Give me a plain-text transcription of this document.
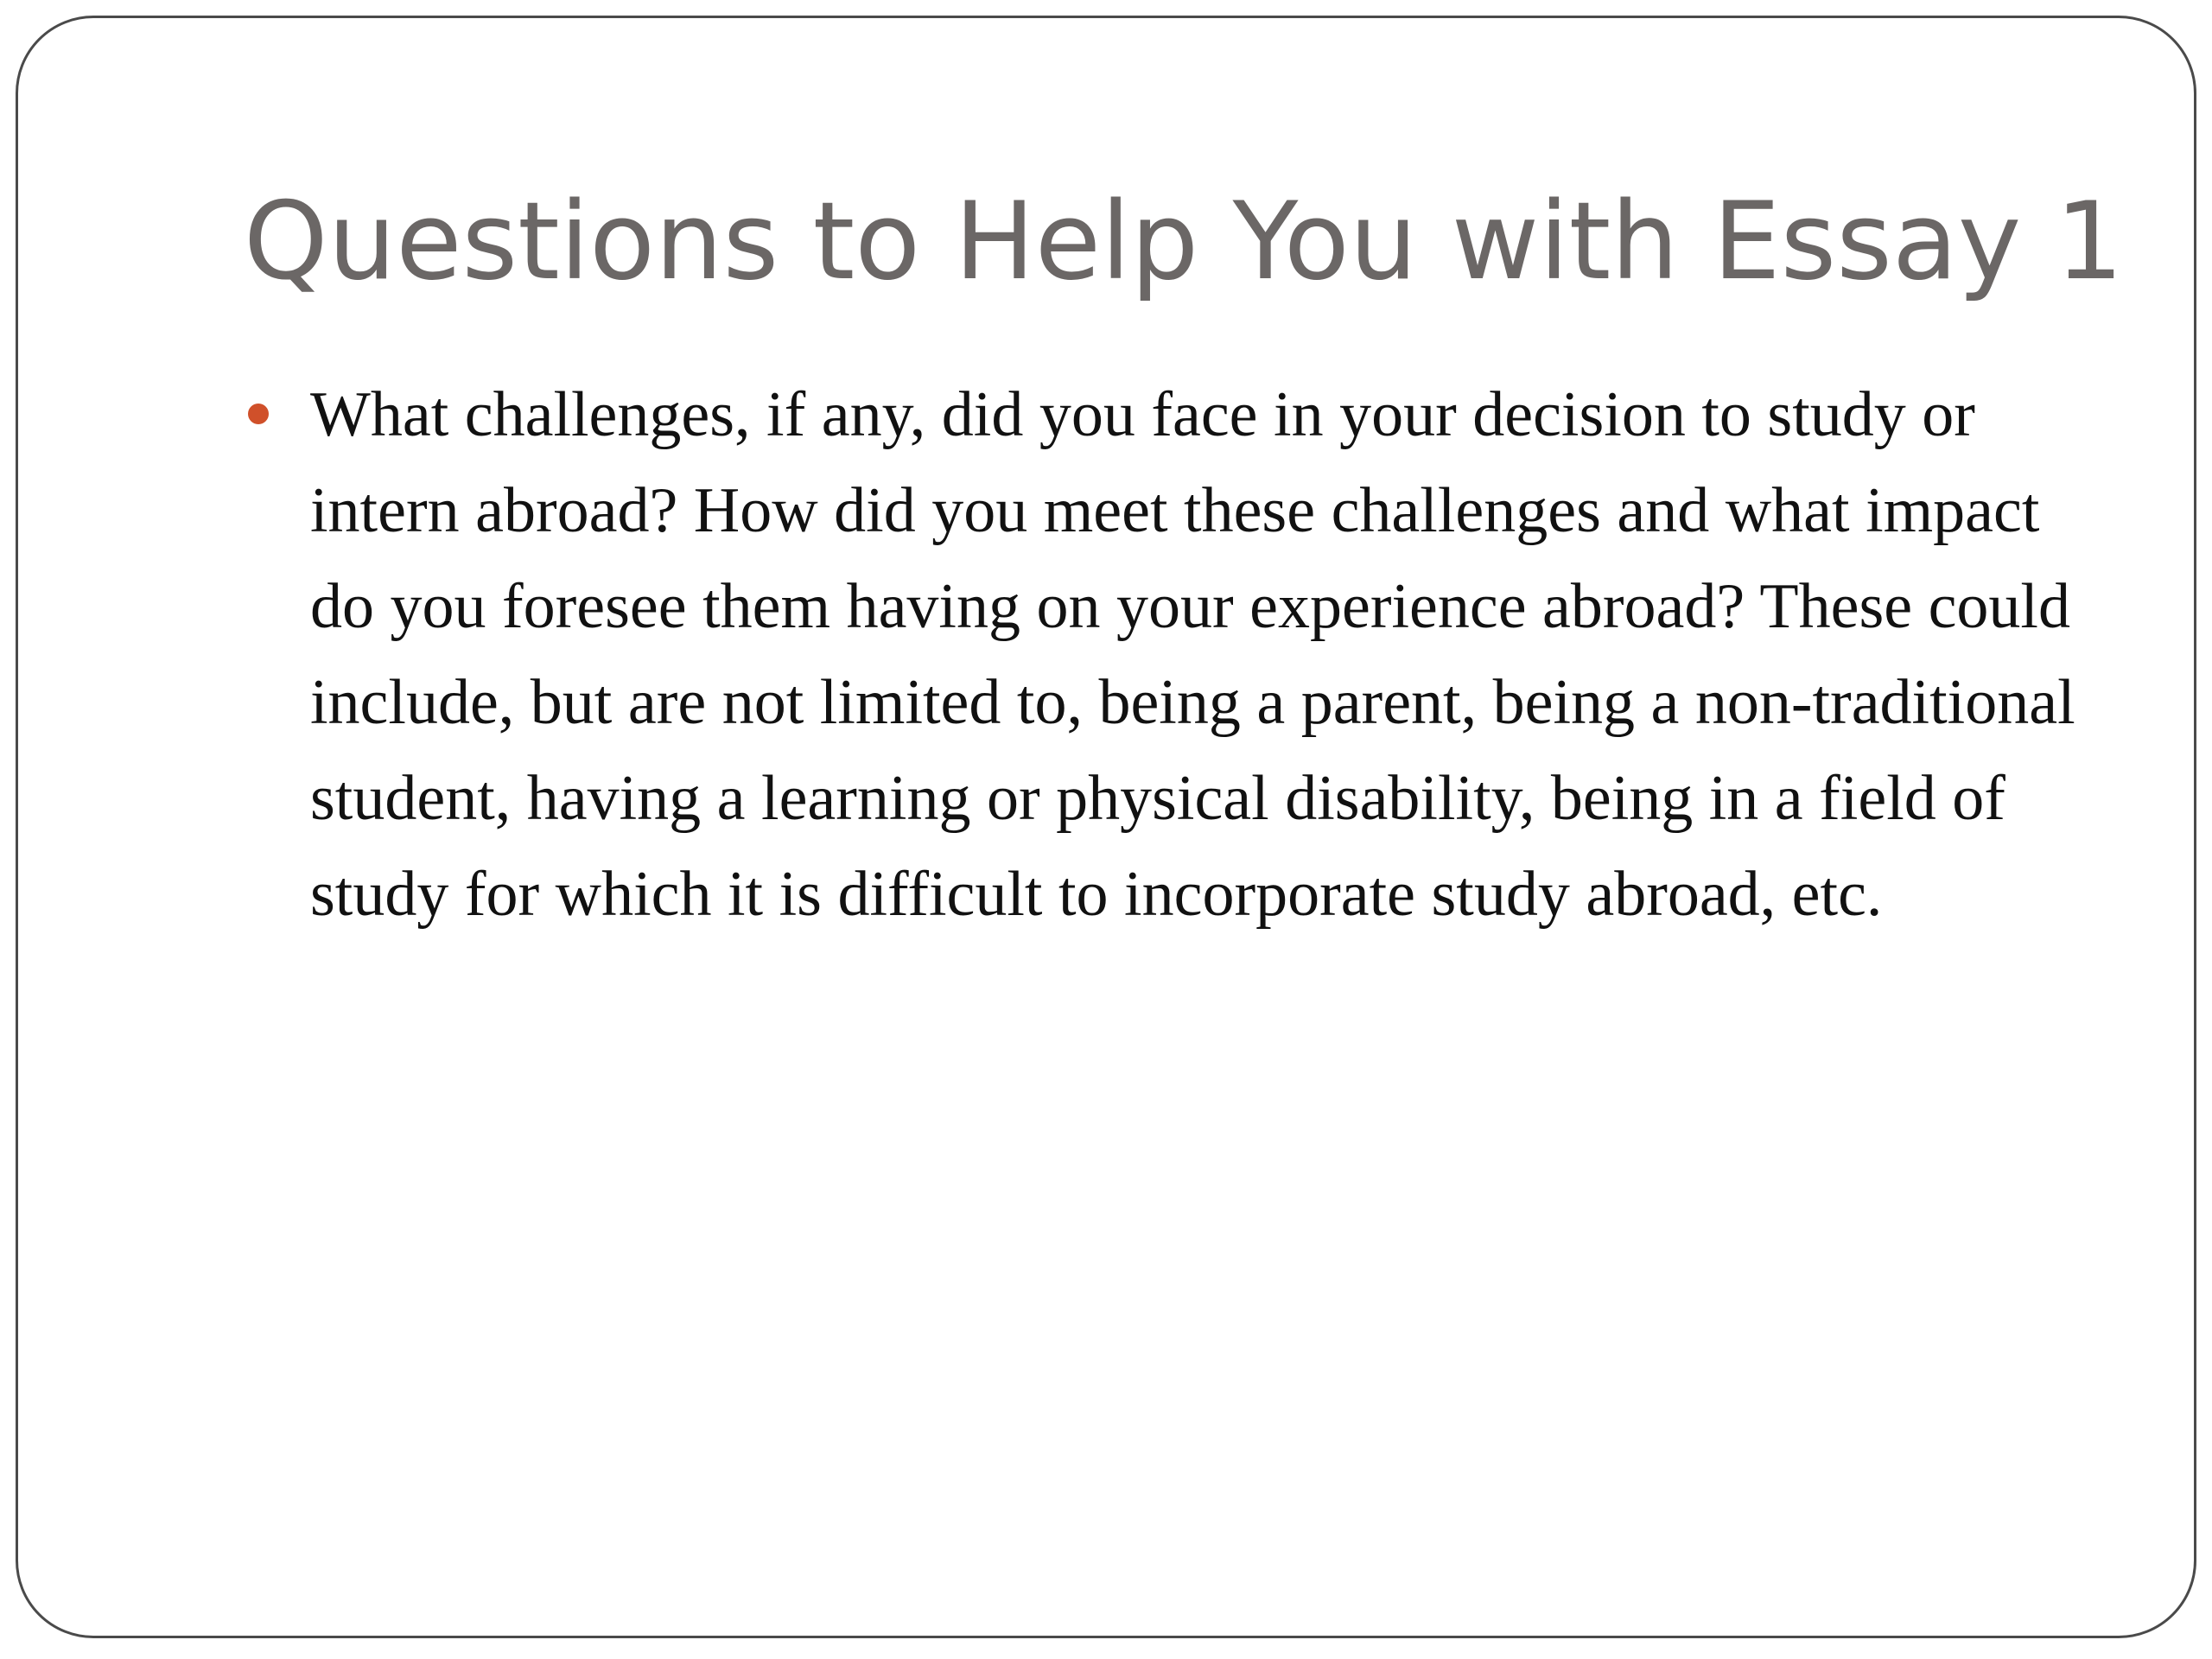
Questions to Help You with Essay 1
What challenges, if any, did you face in your decision to study or intern abroad? How did you meet these challenges and what impact do you foresee them having on your experience abroad? These could include, but are not limited to, being a parent, being a non-traditional student, having a learning or physical disability, being in a field of study for which it is difficult to incorporate study abroad, etc.
